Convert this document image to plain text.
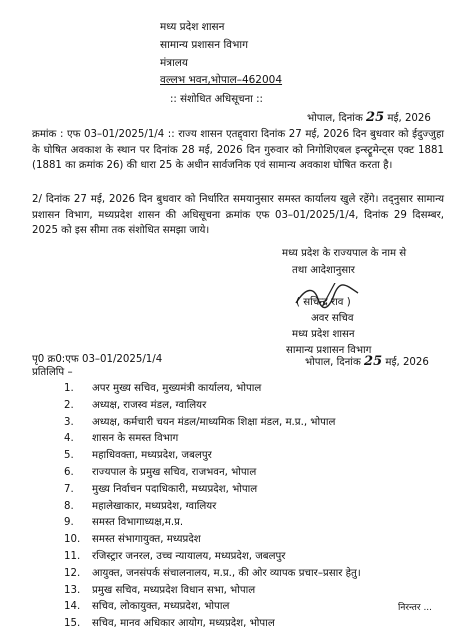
मध्य प्रदेश शासन
सामान्य प्रशासन विभाग
मंत्रालय
वल्लभ भवन,भोपाल–462004
:: संशोधित अधिसूचना ::
भोपाल, दिनांक 25 मई, 2026
क्रमांक : एफ 03–01/2025/1/4 :: राज्य शासन एतद्द्वारा दिनांक 27 मई, 2026 दिन बुधवार को ईदुज्जुहा के घोषित अवकाश के स्थान पर दिनांक 28 मई, 2026 दिन गुरुवार को निगोशिएबल इन्स्ट्रूमेन्ट्स एक्ट 1881 (1881 का क्रमांक 26) की धारा 25 के अधीन सार्वजनिक एवं सामान्य अवकाश घोषित करता है।
2/ दिनांक 27 मई, 2026 दिन बुधवार को निर्धारित समयानुसार समस्त कार्यालय खुले रहेंगे। तद्नुसार सामान्य प्रशासन विभाग, मध्यप्रदेश शासन की अधिसूचना क्रमांक एफ 03–01/2025/1/4, दिनांक 29 दिसम्बर, 2025 को इस सीमा तक संशोधित समझा जाये।
मध्य प्रदेश के राज्यपाल के नाम से
तथा आदेशानुसार
( सचिन्द्र राव )
अवर सचिव
मध्य प्रदेश शासन
सामान्य प्रशासन विभाग
पृ0 क्र0:एफ 03–01/2025/1/4	भोपाल, दिनांक 25 मई, 2026
प्रतिलिपि –
1.	अपर मुख्य सचिव, मुख्यमंत्री कार्यालय, भोपाल
2.	अध्यक्ष, राजस्व मंडल, ग्वालियर
3.	अध्यक्ष, कर्मचारी चयन मंडल/माध्यमिक शिक्षा मंडल, म.प्र., भोपाल
4.	शासन के समस्त विभाग
5.	महाधिवक्ता, मध्यप्रदेश, जबलपुर
6.	राज्यपाल के प्रमुख सचिव, राजभवन, भोपाल
7.	मुख्य निर्वाचन पदाधिकारी, मध्यप्रदेश, भोपाल
8.	महालेखाकार, मध्यप्रदेश, ग्वालियर
9.	समस्त विभागाध्यक्ष,म.प्र.
10.	समस्त संभागायुक्त, मध्यप्रदेश
11.	रजिस्ट्रार जनरल, उच्च न्यायालय, मध्यप्रदेश, जबलपुर
12.	आयुक्त, जनसंपर्क संचालनालय, म.प्र., की ओर व्यापक प्रचार–प्रसार हेतु।
13.	प्रमुख सचिव, मध्यप्रदेश विधान सभा, भोपाल
14.	सचिव, लोकायुक्त, मध्यप्रदेश, भोपाल
15.	सचिव, मानव अधिकार आयोग, मध्यप्रदेश, भोपाल
निरन्तर ...
